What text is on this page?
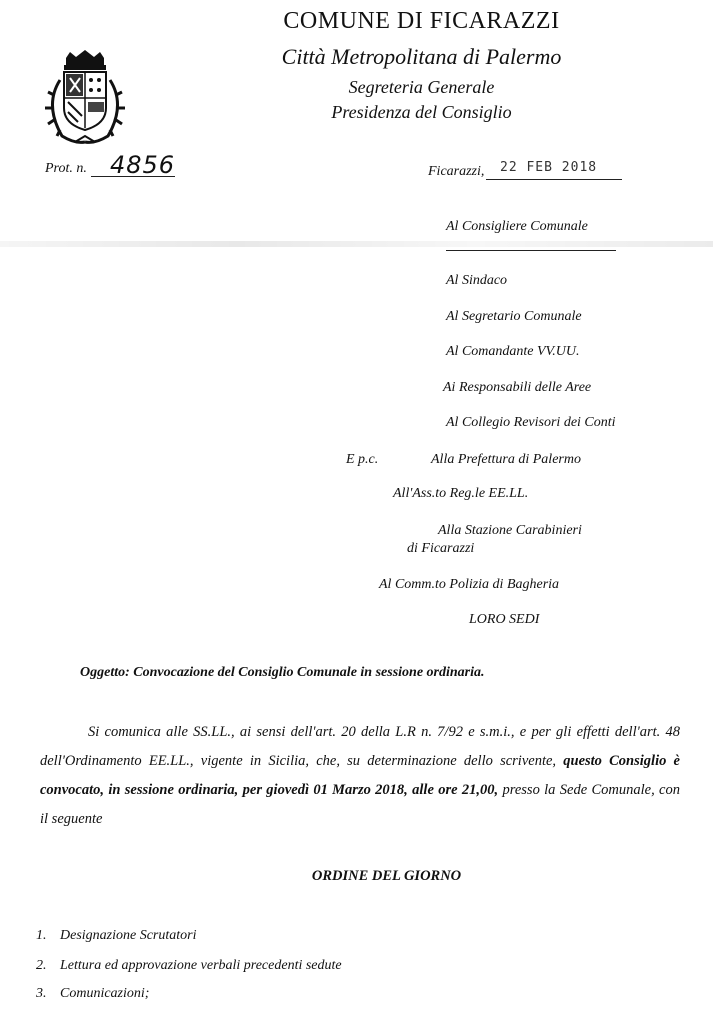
COMUNE DI FICARAZZI
Città Metropolitana di Palermo
Segreteria Generale
Presidenza del Consiglio
Prot. n. 4856	Ficarazzi, 22 FEB 2018
Al Consigliere Comunale
Al Sindaco
Al Segretario Comunale
Al Comandante VV.UU.
Ai Responsabili delle Aree
Al Collegio Revisori dei Conti
E p.c.	Alla Prefettura di Palermo
All'Ass.to Reg.le EE.LL.
Alla Stazione Carabinieri
di Ficarazzi
Al Comm.to Polizia di Bagheria
LORO SEDI
Oggetto: Convocazione del Consiglio Comunale in sessione ordinaria.
Si comunica alle SS.LL., ai sensi dell'art. 20 della L.R n. 7/92 e s.m.i., e per gli effetti dell'art. 48 dell'Ordinamento EE.LL., vigente in Sicilia, che, su determinazione dello scrivente, questo Consiglio è convocato, in sessione ordinaria, per giovedì 01 Marzo 2018, alle ore 21,00, presso la Sede Comunale, con il seguente
ORDINE DEL GIORNO
1. Designazione Scrutatori
2. Lettura ed approvazione verbali precedenti sedute
3. Comunicazioni;
